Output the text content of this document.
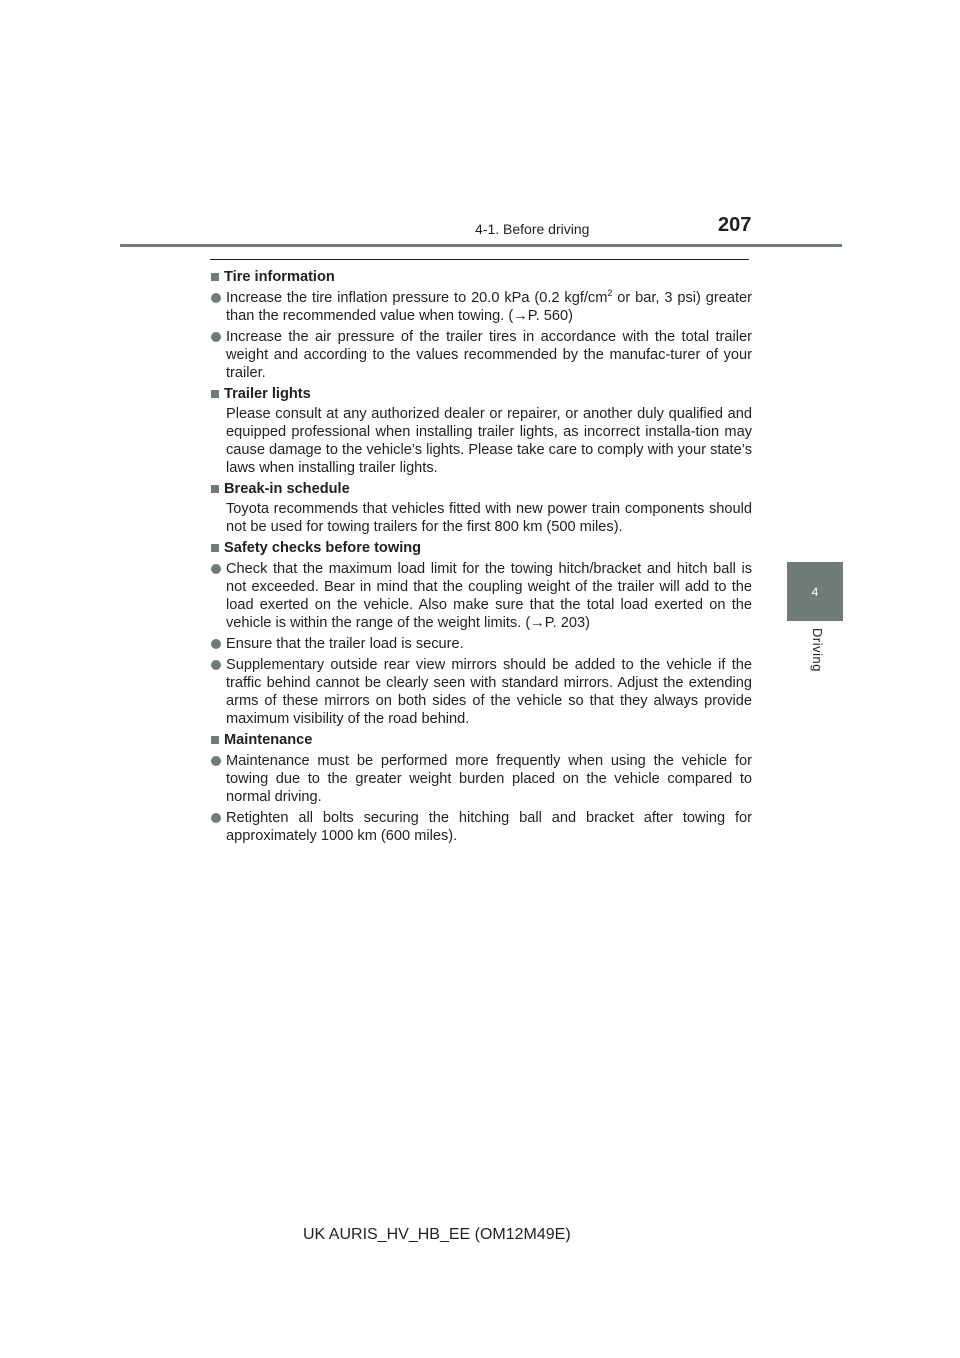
4-1. Before driving	207
4
Driving
Tire information
Increase the tire inflation pressure to 20.0 kPa (0.2 kgf/$cm^2$ or bar, 3 psi) greater than the recommended value when towing. (→P. 560)
Increase the air pressure of the trailer tires in accordance with the total trailer weight and according to the values recommended by the manufac-turer of your trailer.
Trailer lights
Please consult at any authorized dealer or repairer, or another duly qualified and equipped professional when installing trailer lights, as incorrect installa-tion may cause damage to the vehicle’s lights. Please take care to comply with your state’s laws when installing trailer lights.
Break-in schedule
Toyota recommends that vehicles fitted with new power train components should not be used for towing trailers for the first 800 km (500 miles).
Safety checks before towing
Check that the maximum load limit for the towing hitch/bracket and hitch ball is not exceeded. Bear in mind that the coupling weight of the trailer will add to the load exerted on the vehicle. Also make sure that the total load exerted on the vehicle is within the range of the weight limits. (→P. 203)
Ensure that the trailer load is secure.
Supplementary outside rear view mirrors should be added to the vehicle if the traffic behind cannot be clearly seen with standard mirrors. Adjust the extending arms of these mirrors on both sides of the vehicle so that they always provide maximum visibility of the road behind.
Maintenance
Maintenance must be performed more frequently when using the vehicle for towing due to the greater weight burden placed on the vehicle compared to normal driving.
Retighten all bolts securing the hitching ball and bracket after towing for approximately 1000 km (600 miles).
UK AURIS_HV_HB_EE (OM12M49E)
